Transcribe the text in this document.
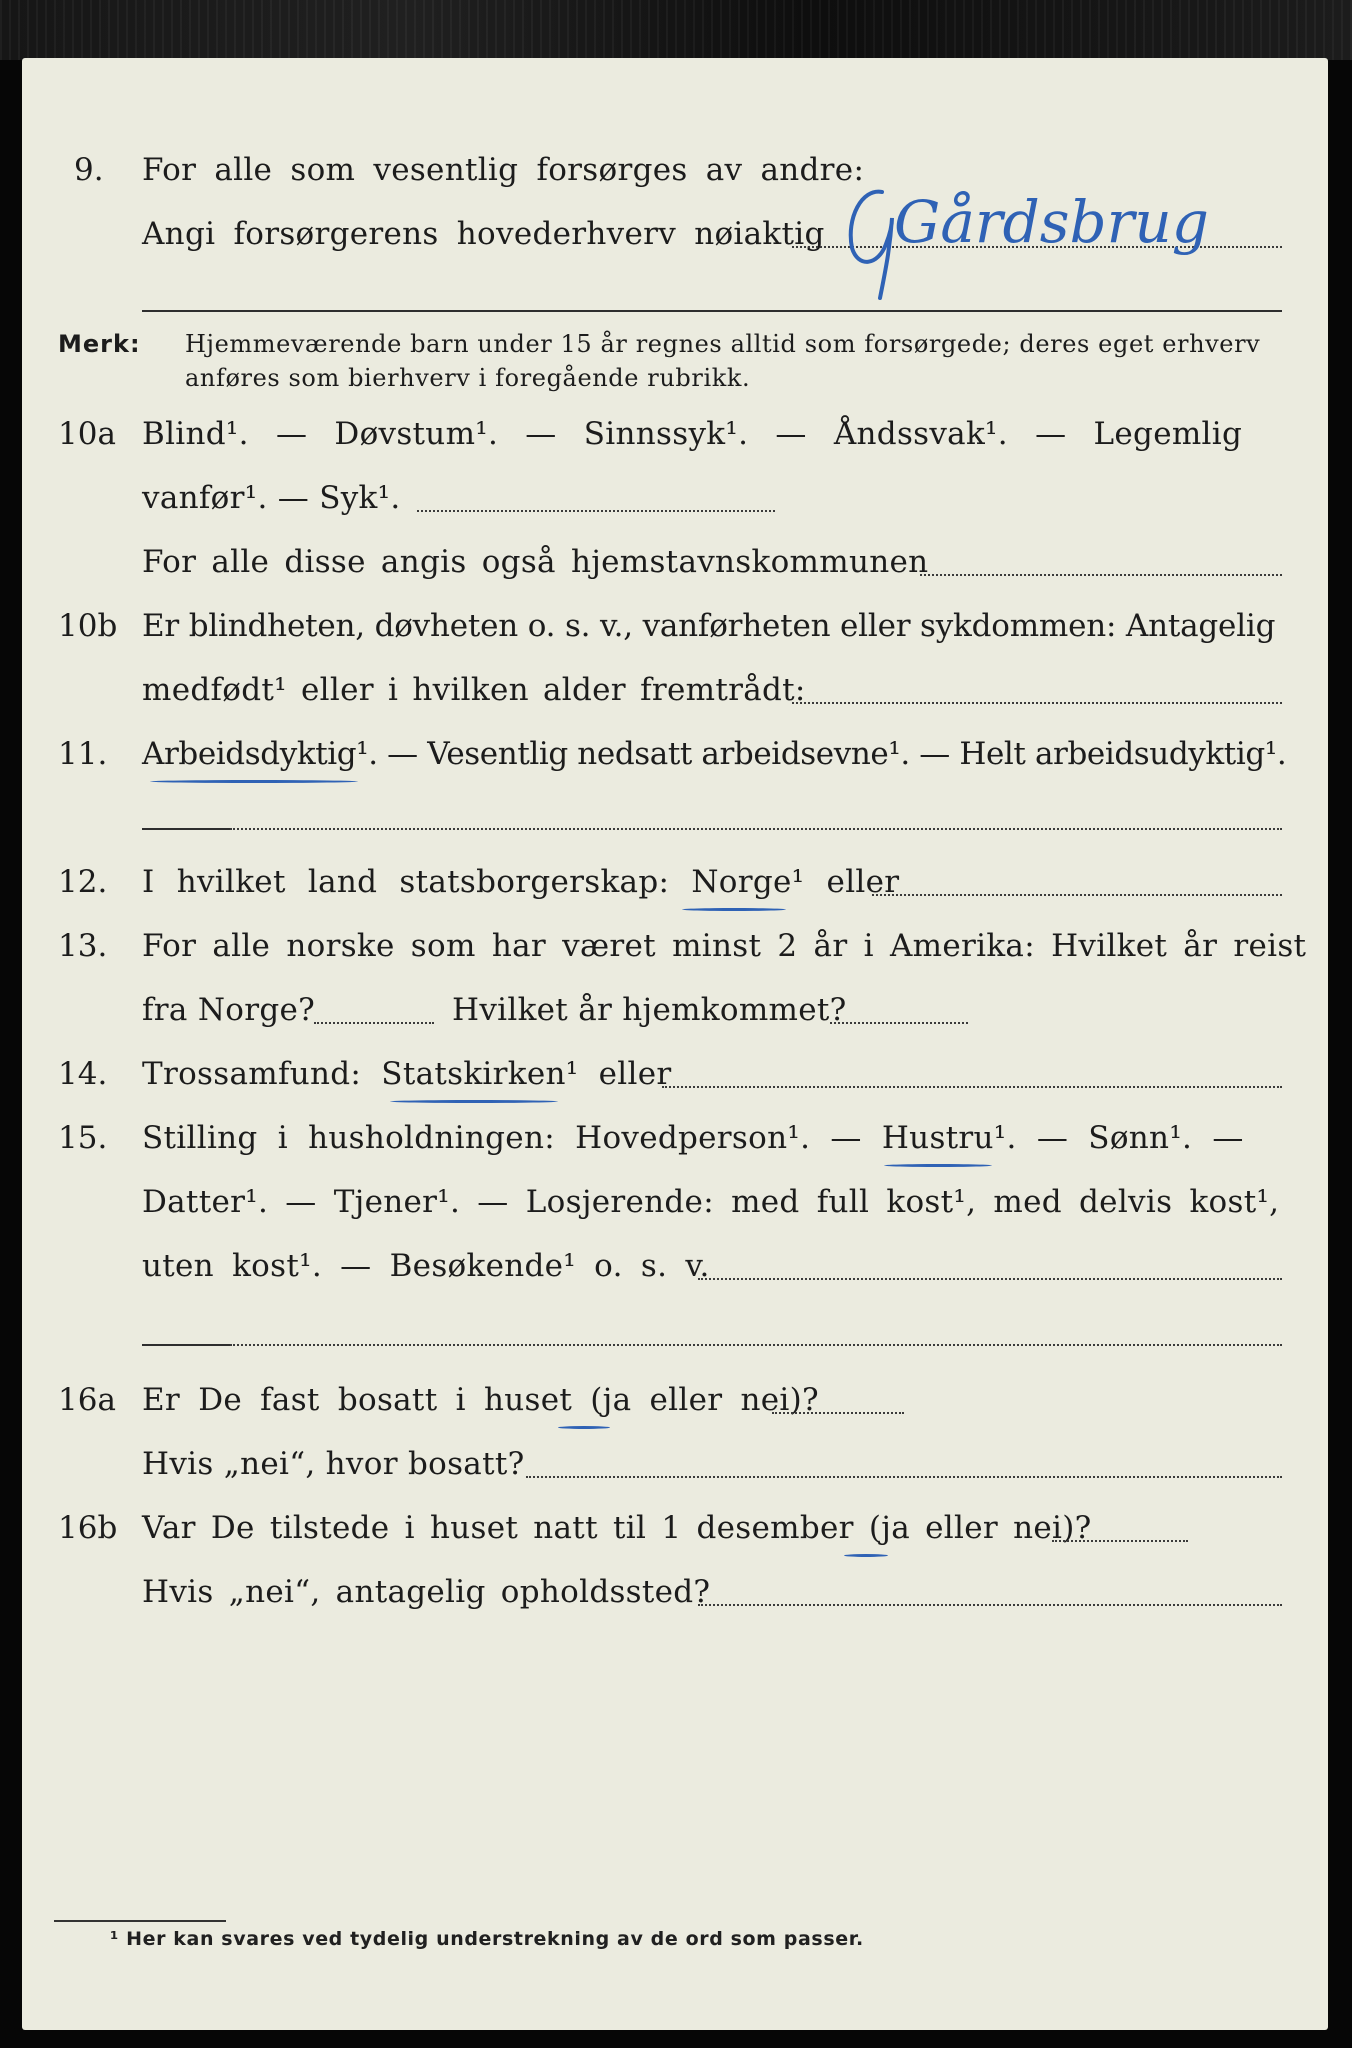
9. For alle som vesentlig forsørges av andre:
Angi forsørgerens hovederhverv nøiaktig Gårdsbrug
Merk: Hjemmeværende barn under 15 år regnes alltid som forsørgede; deres eget erhverv
anføres som bierhverv i foregående rubrikk.
10a Blind¹. — Døvstum¹. — Sinnssyk¹. — Åndssvak¹. — Legemlig
vanfør¹. — Syk¹.
For alle disse angis også hjemstavnskommunen
10b Er blindheten, døvheten o. s. v., vanførheten eller sykdommen: Antagelig
medfødt¹ eller i hvilken alder fremtrådt:
11. Arbeidsdyktig¹. — Vesentlig nedsatt arbeidsevne¹. — Helt arbeidsudyktig¹.
12. I hvilket land statsborgerskap: Norge¹ eller
13. For alle norske som har været minst 2 år i Amerika: Hvilket år reist
fra Norge?	Hvilket år hjemkommet?
14. Trossamfund: Statskirken¹ eller
15. Stilling i husholdningen: Hovedperson¹. — Hustru¹. — Sønn¹. —
Datter¹. — Tjener¹. — Losjerende: med full kost¹, med delvis kost¹,
uten kost¹. — Besøkende¹ o. s. v.
16a Er De fast bosatt i huset (ja eller nei)?
Hvis „nei“, hvor bosatt?
16b Var De tilstede i huset natt til 1 desember (ja eller nei)?
Hvis „nei“, antagelig opholdssted?
¹ Her kan svares ved tydelig understrekning av de ord som passer.
